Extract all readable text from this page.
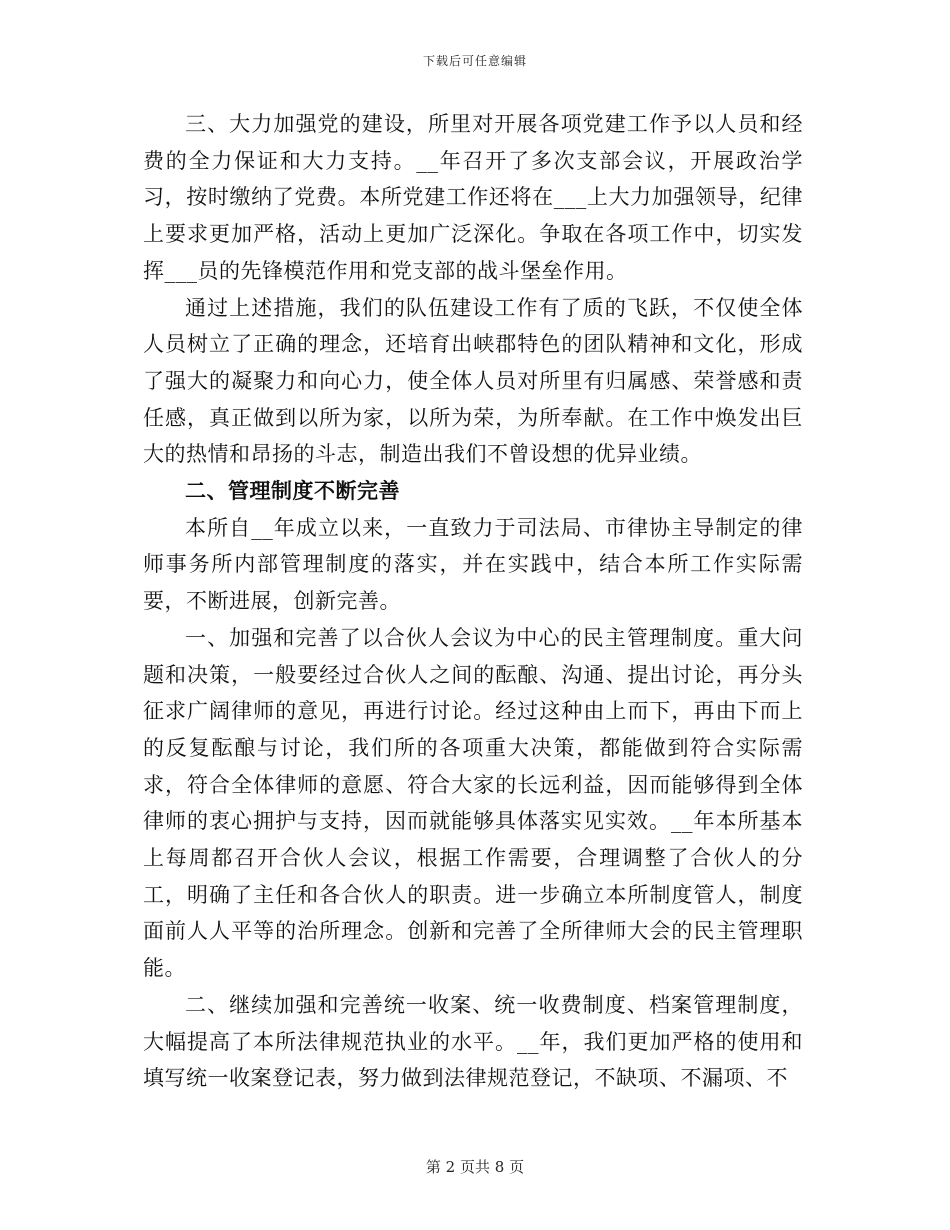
下载后可任意编辑

三、大力加强党的建设，所里对开展各项党建工作予以人员和经费的全力保证和大力支持。__年召开了多次支部会议，开展政治学习，按时缴纳了党费。本所党建工作还将在___上大力加强领导，纪律上要求更加严格，活动上更加广泛深化。争取在各项工作中，切实发挥___员的先锋模范作用和党支部的战斗堡垒作用。

通过上述措施，我们的队伍建设工作有了质的飞跃，不仅使全体人员树立了正确的理念，还培育出峡郡特色的团队精神和文化，形成了强大的凝聚力和向心力，使全体人员对所里有归属感、荣誉感和责任感，真正做到以所为家，以所为荣，为所奉献。在工作中焕发出巨大的热情和昂扬的斗志，制造出我们不曾设想的优异业绩。

二、管理制度不断完善

本所自__年成立以来，一直致力于司法局、市律协主导制定的律师事务所内部管理制度的落实，并在实践中，结合本所工作实际需要，不断进展，创新完善。

一、加强和完善了以合伙人会议为中心的民主管理制度。重大问题和决策，一般要经过合伙人之间的酝酿、沟通、提出讨论，再分头征求广阔律师的意见，再进行讨论。经过这种由上而下，再由下而上的反复酝酿与讨论，我们所的各项重大决策，都能做到符合实际需求，符合全体律师的意愿、符合大家的长远利益，因而能够得到全体律师的衷心拥护与支持，因而就能够具体落实见实效。__年本所基本上每周都召开合伙人会议，根据工作需要，合理调整了合伙人的分工，明确了主任和各合伙人的职责。进一步确立本所制度管人，制度面前人人平等的治所理念。创新和完善了全所律师大会的民主管理职能。

二、继续加强和完善统一收案、统一收费制度、档案管理制度，大幅提高了本所法律规范执业的水平。__年，我们更加严格的使用和填写统一收案登记表，努力做到法律规范登记，不缺项、不漏项、不

第 2 页共 8 页
